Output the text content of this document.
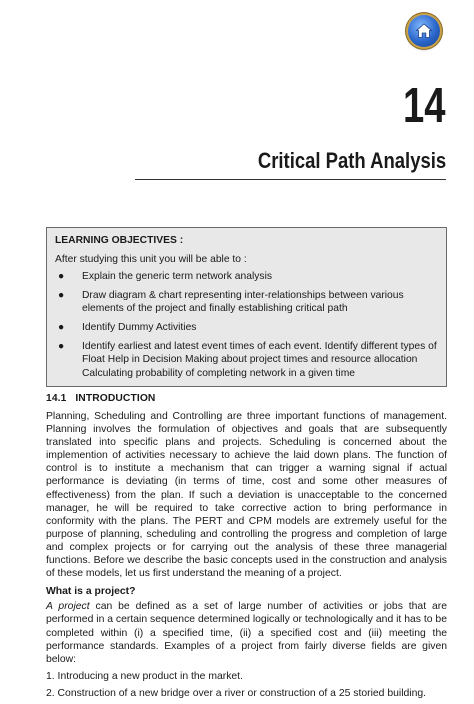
14
Critical Path Analysis
LEARNING OBJECTIVES :
After studying this unit you will be able to :
● Explain the generic term network analysis
● Draw diagram & chart representing inter-relationships between various elements of the project and finally establishing critical path
● Identify Dummy Activities
● Identify earliest and latest event times of each event. Identify different types of Float Help in Decision Making about project times and resource allocation Calculating probability of completing network in a given time
14.1   INTRODUCTION

Planning, Scheduling and Controlling are three important functions of management. Planning involves the formulation of objectives and goals that are subsequently translated into specific plans and projects. Scheduling is concerned about the implemention of activities necessary to achieve the laid down plans. The function of control is to institute a mechanism that can trigger a warning signal if actual performance is deviating (in terms of time, cost and some other measures of effectiveness) from the plan. If such a deviation is unacceptable to the concerned manager, he will be required to take corrective action to bring performance in conformity with the plans. The PERT and CPM models are extremely useful for the purpose of planning, scheduling and controlling the progress and completion of large and complex projects or for carrying out the analysis of these three managerial functions. Before we describe the basic concepts used in the construction and analysis of these models, let us first understand the meaning of a project.

What is a project?

A project can be defined as a set of large number of activities or jobs that are performed in a certain sequence determined logically or technologically and it has to be completed within (i) a specified time, (ii) a specified cost and (iii) meeting the performance standards. Examples of a project from fairly diverse fields are given below:

1. Introducing a new product in the market.
2. Construction of a new bridge over a river or construction of a 25 storied building.
